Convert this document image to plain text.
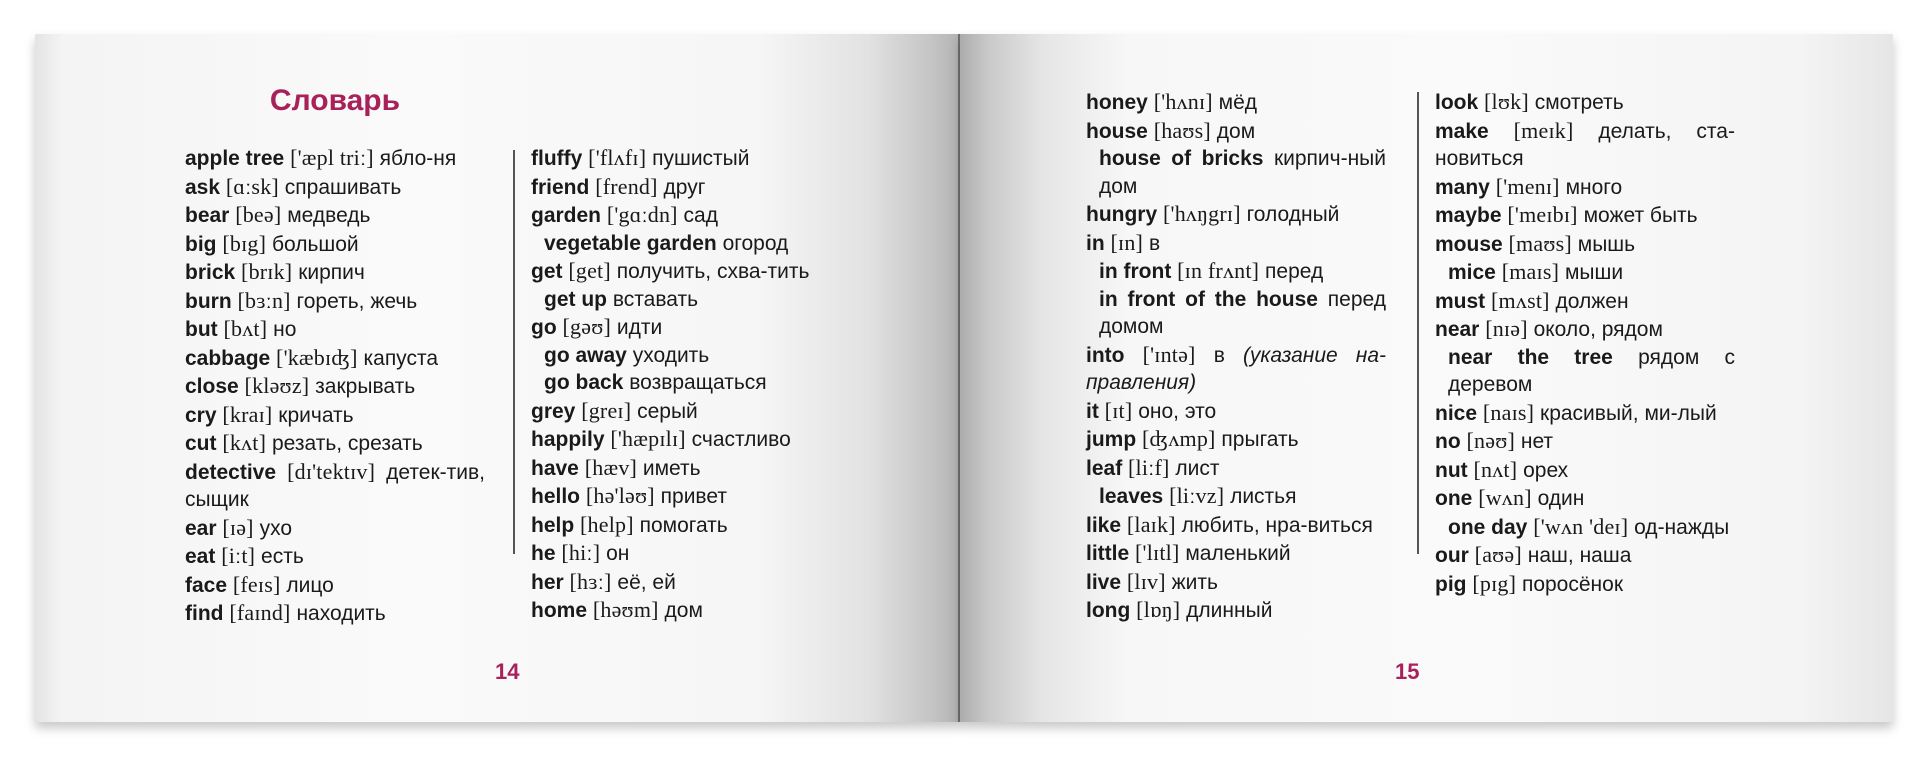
Словарь

apple tree ['æpl triː] ябло-ня

ask [ɑːsk] спрашивать

bear [beə] медведь

big [bɪg] большой

brick [brɪk] кирпич

burn [bɜːn] гореть, жечь

but [bʌt] но

cabbage ['kæbɪʤ] капуста

close [kləʊz] закрывать

cry [kraɪ] кричать

cut [kʌt] резать, срезать

detective [dɪ'tektɪv] детек-тив, сыщик

ear [ɪə] ухо

eat [iːt] есть

face [feɪs] лицо

find [faɪnd] находить

fluffy ['flʌfɪ] пушистый

friend [frend] друг

garden ['gɑːdn] сад

vegetable garden огород

get [get] получить, схва-тить

get up вставать

go [gəʊ] идти

go away уходить

go back возвращаться

grey [greɪ] серый

happily ['hæpɪlɪ] счастливо

have [hæv] иметь

hello [hə'ləʊ] привет

help [help] помогать

he [hiː] он

her [hɜː] её, ей

home [həʊm] дом

14

honey ['hʌnɪ] мёд

house [haʊs] дом

house of bricks кирпич-ный дом

hungry ['hʌŋgrɪ] голодный

in [ɪn] в

in front [ɪn frʌnt] перед

in front of the house перед домом

into ['ɪntə] в (указание на-правления)

it [ɪt] оно, это

jump [ʤʌmp] прыгать

leaf [liːf] лист

leaves [liːvz] листья

like [laɪk] любить, нра-виться

little ['lɪtl] маленький

live [lɪv] жить

long [lɒŋ] длинный

look [lʊk] смотреть

make [meɪk] делать, ста-новиться

many ['menɪ] много

maybe ['meɪbɪ] может быть

mouse [maʊs] мышь

mice [maɪs] мыши

must [mʌst] должен

near [nɪə] около, рядом

near the tree рядом с деревом

nice [naɪs] красивый, ми-лый

no [nəʊ] нет

nut [nʌt] орех

one [wʌn] один

one day ['wʌn 'deɪ] од-нажды

our [aʊə] наш, наша

pig [pɪg] поросёнок

15
